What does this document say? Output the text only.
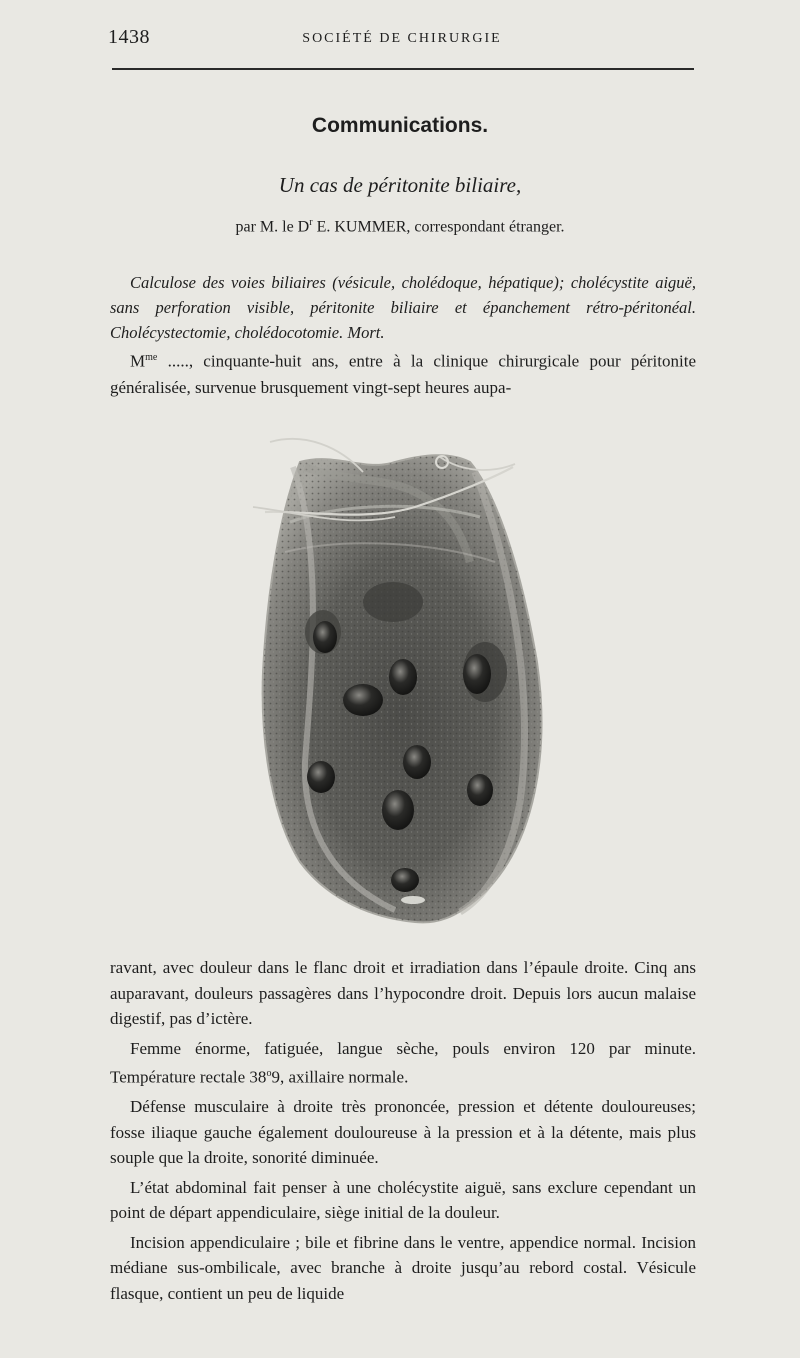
1438	SOCIÉTÉ DE CHIRURGIE
Communications.
Un cas de péritonite biliaire,
par M. le $D^r$ E. KUMMER, correspondant étranger.

Calculose des voies biliaires (vésicule, cholédoque, hépatique); cholécystite aiguë, sans perforation visible, péritonite biliaire et épanchement rétro-péritonéal. Cholécystectomie, cholédocotomie. Mort.

$M^{me}$ ....., cinquante-huit ans, entre à la clinique chirurgicale pour péritonite généralisée, survenue brusquement vingt-sept heures aupa-

ravant, avec douleur dans le flanc droit et irradiation dans l’épaule droite. Cinq ans auparavant, douleurs passagères dans l’hypocondre droit. Depuis lors aucun malaise digestif, pas d’ictère.

Femme énorme, fatiguée, langue sèche, pouls environ 120 par minute. Température rectale 38$^o$9, axillaire normale.

Défense musculaire à droite très prononcée, pression et détente douloureuses; fosse iliaque gauche également douloureuse à la pression et à la détente, mais plus souple que la droite, sonorité diminuée.

L’état abdominal fait penser à une cholécystite aiguë, sans exclure cependant un point de départ appendiculaire, siège initial de la douleur.

Incision appendiculaire ; bile et fibrine dans le ventre, appendice normal. Incision médiane sus-ombilicale, avec branche à droite jusqu’au rebord costal. Vésicule flasque, contient un peu de liquide
